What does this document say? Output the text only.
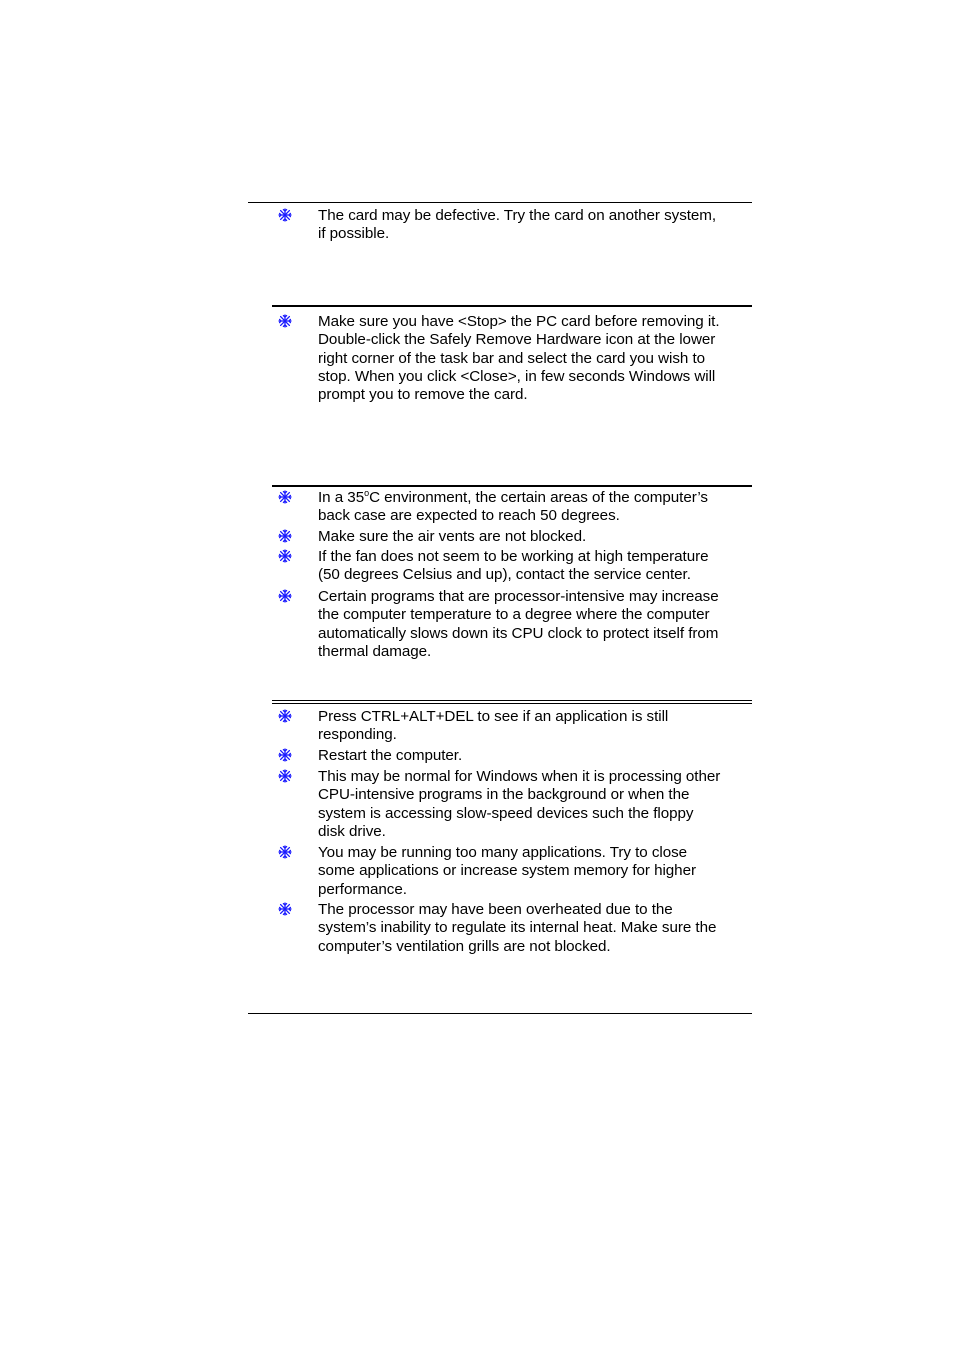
The card may be defective. Try the card on another system,
if possible.
Make sure you have <Stop> the PC card before removing it.
Double-click the Safely Remove Hardware icon at the lower
right corner of the task bar and select the card you wish to
stop. When you click <Close>, in few seconds Windows will
prompt you to remove the card.
In a 35$^o$C environment, the certain areas of the computer’s
back case are expected to reach 50 degrees.
Make sure the air vents are not blocked.
If the fan does not seem to be working at high temperature
(50 degrees Celsius and up), contact the service center.
Certain programs that are processor-intensive may increase
the computer temperature to a degree where the computer
automatically slows down its CPU clock to protect itself from
thermal damage.
Press CTRL+ALT+DEL to see if an application is still
responding.
Restart the computer.
This may be normal for Windows when it is processing other
CPU-intensive programs in the background or when the
system is accessing slow-speed devices such the floppy
disk drive.
You may be running too many applications. Try to close
some applications or increase system memory for higher
performance.
The processor may have been overheated due to the
system’s inability to regulate its internal heat. Make sure the
computer’s ventilation grills are not blocked.
